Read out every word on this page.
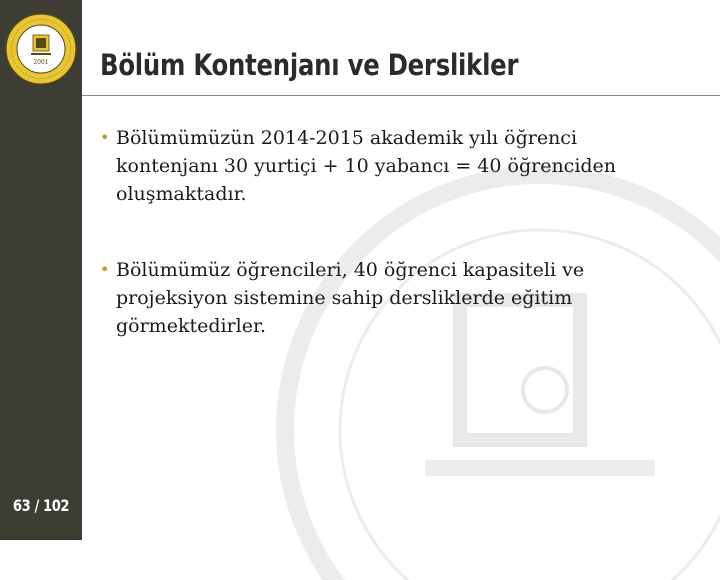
2001
63 / 102
Bölüm Kontenjanı ve Derslikler
• Bölümümüzün 2014-2015 akademik yılı öğrenci kontenjanı 30 yurtiçi + 10 yabancı = 40 öğrenciden oluşmaktadır.
• Bölümümüz öğrencileri, 40 öğrenci kapasiteli ve projeksiyon sistemine sahip dersliklerde eğitim görmektedirler.
